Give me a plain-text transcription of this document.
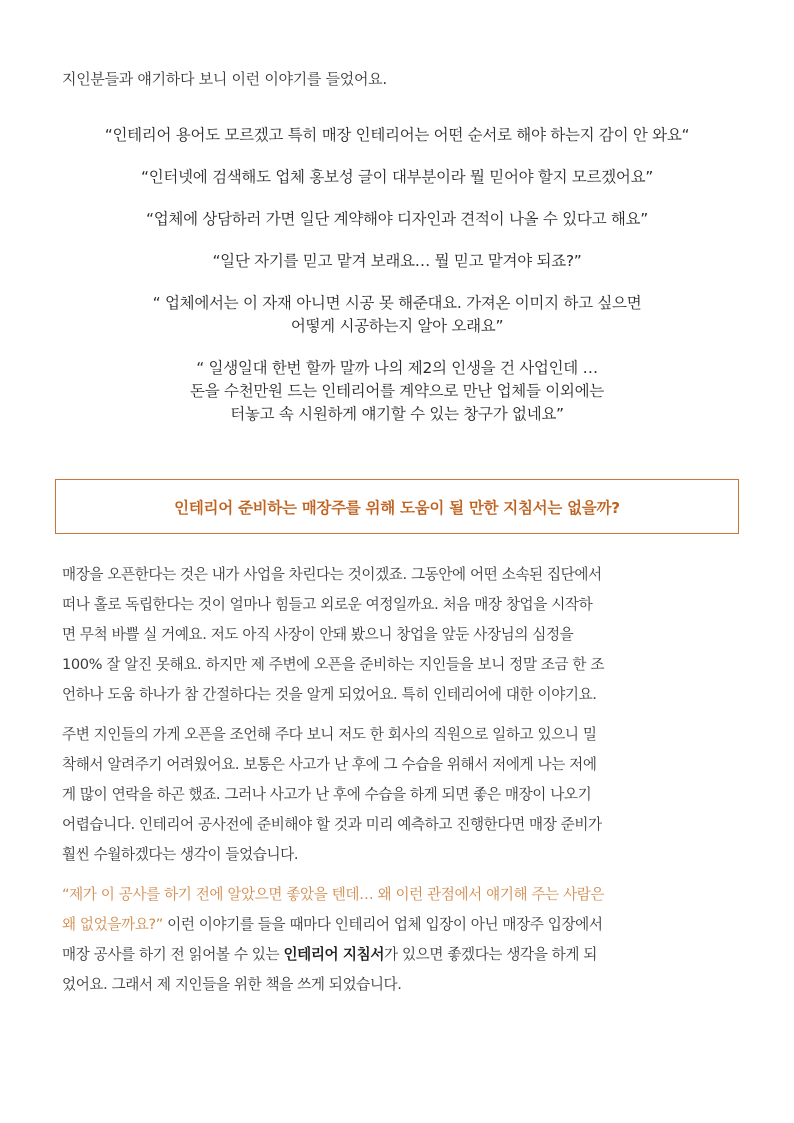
지인분들과 얘기하다 보니 이런 이야기를 들었어요.

“인테리어 용어도 모르겠고 특히 매장 인테리어는 어떤 순서로 해야 하는지 감이 안 와요“

“인터넷에 검색해도 업체 홍보성 글이 대부분이라 뭘 믿어야 할지 모르겠어요”

“업체에 상담하러 가면 일단 계약해야 디자인과 견적이 나올 수 있다고 해요”

“일단 자기를 믿고 맡겨 보래요… 뭘 믿고 맡겨야 되죠?”

“ 업체에서는 이 자재 아니면 시공 못 해준대요. 가져온 이미지 하고 싶으면
어떻게 시공하는지 알아 오래요”

“ 일생일대 한번 할까 말까 나의 제2의 인생을 건 사업인데 …
돈을 수천만원 드는 인테리어를 계약으로 만난 업체들 이외에는
터놓고 속 시원하게 얘기할 수 있는 창구가 없네요”

인테리어 준비하는 매장주를 위해 도움이 될 만한 지침서는 없을까?
매장을 오픈한다는 것은 내가 사업을 차린다는 것이겠죠. 그동안에 어떤 소속된 집단에서
떠나 홀로 독립한다는 것이 얼마나 힘들고 외로운 여정일까요. 처음 매장 창업을 시작하
면 무척 바쁠 실 거예요. 저도 아직 사장이 안돼 봤으니 창업을 앞둔 사장님의 심정을
100% 잘 알진 못해요. 하지만 제 주변에 오픈을 준비하는 지인들을 보니 정말 조금 한 조
언하나 도움 하나가 참 간절하다는 것을 알게 되었어요. 특히 인테리어에 대한 이야기요.
주변 지인들의 가게 오픈을 조언해 주다 보니 저도 한 회사의 직원으로 일하고 있으니 밀
착해서 알려주기 어려웠어요. 보통은 사고가 난 후에 그 수습을 위해서 저에게 나는 저에
게 많이 연락을 하곤 했죠. 그러나 사고가 난 후에 수습을 하게 되면 좋은 매장이 나오기
어렵습니다. 인테리어 공사전에 준비해야 할 것과 미리 예측하고 진행한다면 매장 준비가
훨씬 수월하겠다는 생각이 들었습니다.
“제가 이 공사를 하기 전에 알았으면 좋았을 텐데… 왜 이런 관점에서 얘기해 주는 사람은
왜 없었을까요?” 이런 이야기를 들을 때마다 인테리어 업체 입장이 아닌 매장주 입장에서
매장 공사를 하기 전 읽어볼 수 있는 인테리어 지침서가 있으면 좋겠다는 생각을 하게 되
었어요. 그래서 제 지인들을 위한 책을 쓰게 되었습니다.
